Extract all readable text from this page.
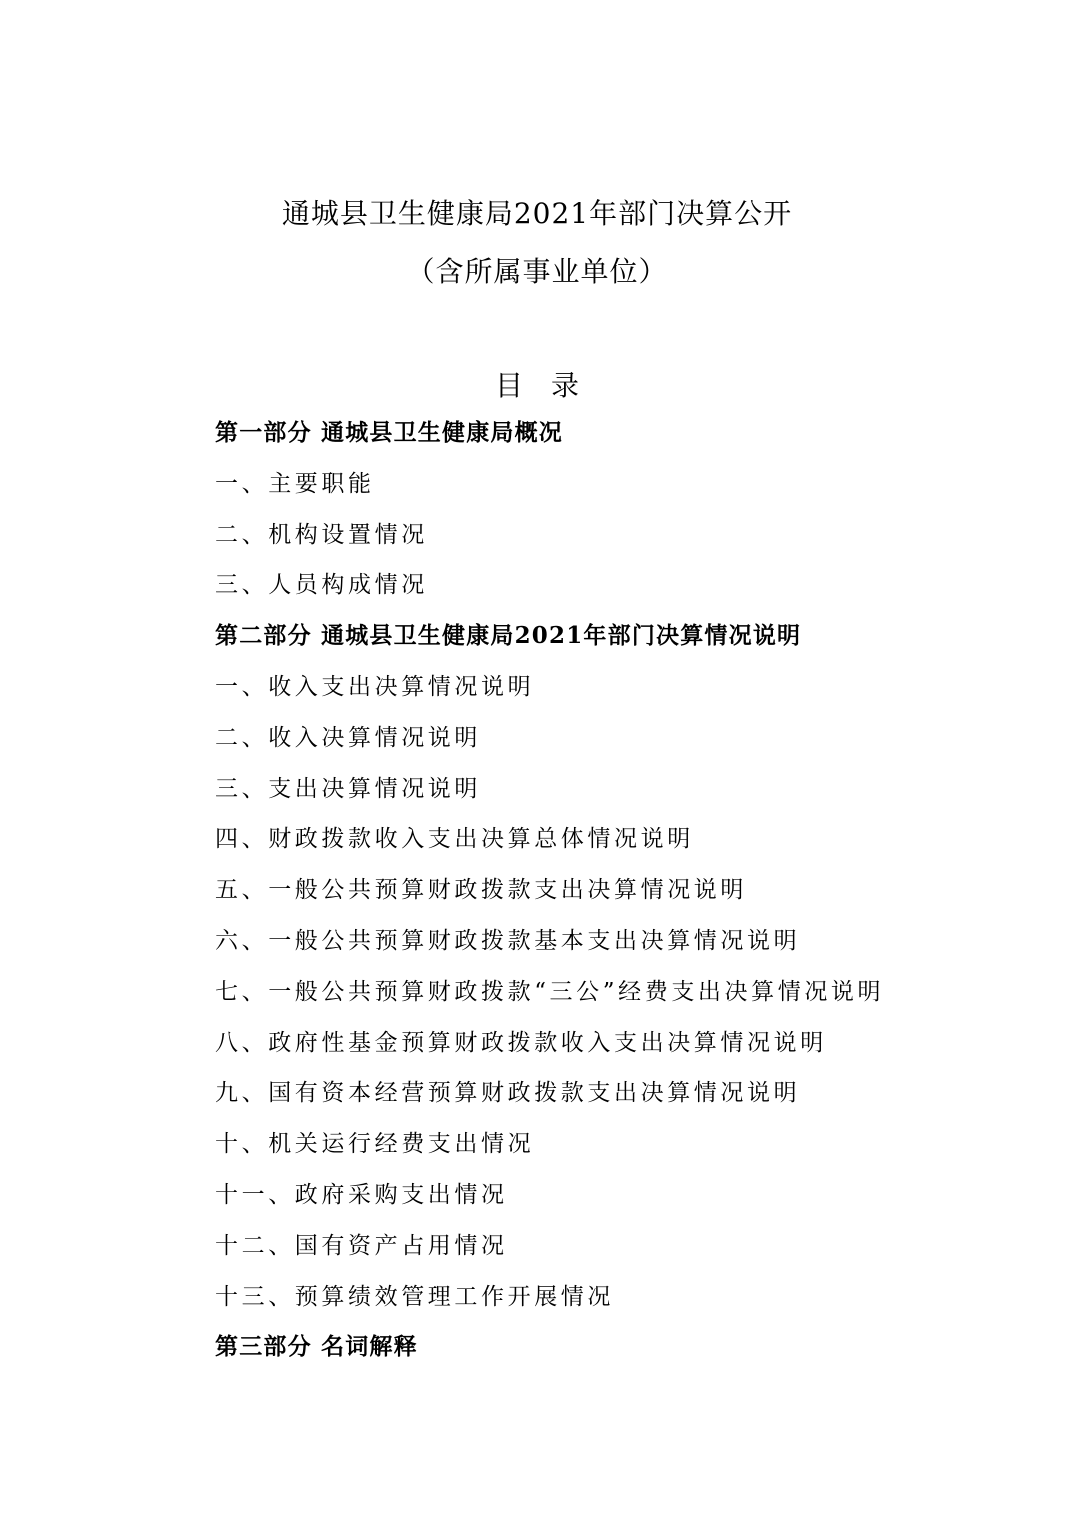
通城县卫生健康局2021年部门决算公开
（含所属事业单位）
目　录
第一部分 通城县卫生健康局概况
一、主要职能
二、机构设置情况
三、人员构成情况
第二部分 通城县卫生健康局2021年部门决算情况说明
一、收入支出决算情况说明
二、收入决算情况说明
三、支出决算情况说明
四、财政拨款收入支出决算总体情况说明
五、一般公共预算财政拨款支出决算情况说明
六、一般公共预算财政拨款基本支出决算情况说明
七、一般公共预算财政拨款“三公”经费支出决算情况说明
八、政府性基金预算财政拨款收入支出决算情况说明
九、国有资本经营预算财政拨款支出决算情况说明
十、机关运行经费支出情况
十一、政府采购支出情况
十二、国有资产占用情况
十三、预算绩效管理工作开展情况
第三部分 名词解释
